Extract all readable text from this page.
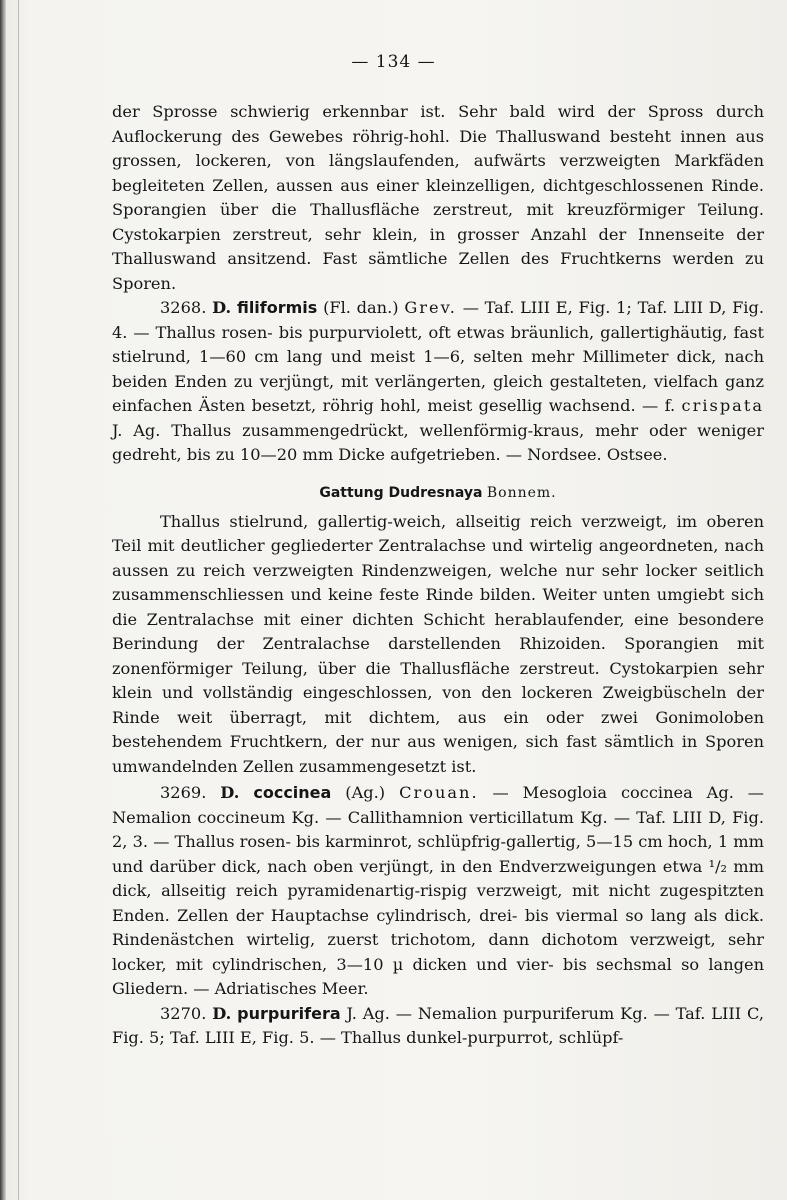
— 134 —

der Sprosse schwierig erkennbar ist. Sehr bald wird der Spross durch Auflockerung des Gewebes röhrig-hohl. Die Thalluswand besteht innen aus grossen, lockeren, von längslaufenden, aufwärts verzweigten Markfäden begleiteten Zellen, aussen aus einer kleinzelligen, dichtgeschlossenen Rinde. Sporangien über die Thallusfläche zerstreut, mit kreuzförmiger Teilung. Cystokarpien zerstreut, sehr klein, in grosser Anzahl der Innenseite der Thalluswand ansitzend. Fast sämtliche Zellen des Fruchtkerns werden zu Sporen.

3268. D. filiformis (Fl. dan.) Grev. — Taf. LIII E, Fig. 1; Taf. LIII D, Fig. 4. — Thallus rosen- bis purpurviolett, oft etwas bräunlich, gallertighäutig, fast stielrund, 1—60 cm lang und meist 1—6, selten mehr Millimeter dick, nach beiden Enden zu verjüngt, mit verlängerten, gleich gestalteten, vielfach ganz einfachen Ästen besetzt, röhrig hohl, meist gesellig wachsend. — f. crispata J. Ag. Thallus zusammengedrückt, wellenförmig-kraus, mehr oder weniger gedreht, bis zu 10—20 mm Dicke aufgetrieben. — Nordsee. Ostsee.

Gattung Dudresnaya Bonnem.

Thallus stielrund, gallertig-weich, allseitig reich verzweigt, im oberen Teil mit deutlicher gegliederter Zentralachse und wirtelig angeordneten, nach aussen zu reich verzweigten Rindenzweigen, welche nur sehr locker seitlich zusammenschliessen und keine feste Rinde bilden. Weiter unten umgiebt sich die Zentralachse mit einer dichten Schicht herablaufender, eine besondere Berindung der Zentralachse darstellenden Rhizoiden. Sporangien mit zonenförmiger Teilung, über die Thallusfläche zerstreut. Cystokarpien sehr klein und vollständig eingeschlossen, von den lockeren Zweigbüscheln der Rinde weit überragt, mit dichtem, aus ein oder zwei Gonimoloben bestehendem Fruchtkern, der nur aus wenigen, sich fast sämtlich in Sporen umwandelnden Zellen zusammengesetzt ist.

3269. D. coccinea (Ag.) Crouan. — Mesogloia coccinea Ag. — Nemalion coccineum Kg. — Callithamnion verticillatum Kg. — Taf. LIII D, Fig. 2, 3. — Thallus rosen- bis karminrot, schlüpfrig-gallertig, 5—15 cm hoch, 1 mm und darüber dick, nach oben verjüngt, in den Endverzweigungen etwa ¹/₂ mm dick, allseitig reich pyramidenartig-rispig verzweigt, mit nicht zugespitzten Enden. Zellen der Hauptachse cylindrisch, drei- bis viermal so lang als dick. Rindenästchen wirtelig, zuerst trichotom, dann dichotom verzweigt, sehr locker, mit cylindrischen, 3—10 µ dicken und vier- bis sechsmal so langen Gliedern. — Adriatisches Meer.

3270. D. purpurifera J. Ag. — Nemalion purpuriferum Kg. — Taf. LIII C, Fig. 5; Taf. LIII E, Fig. 5. — Thallus dunkel-purpurrot, schlüpf-
